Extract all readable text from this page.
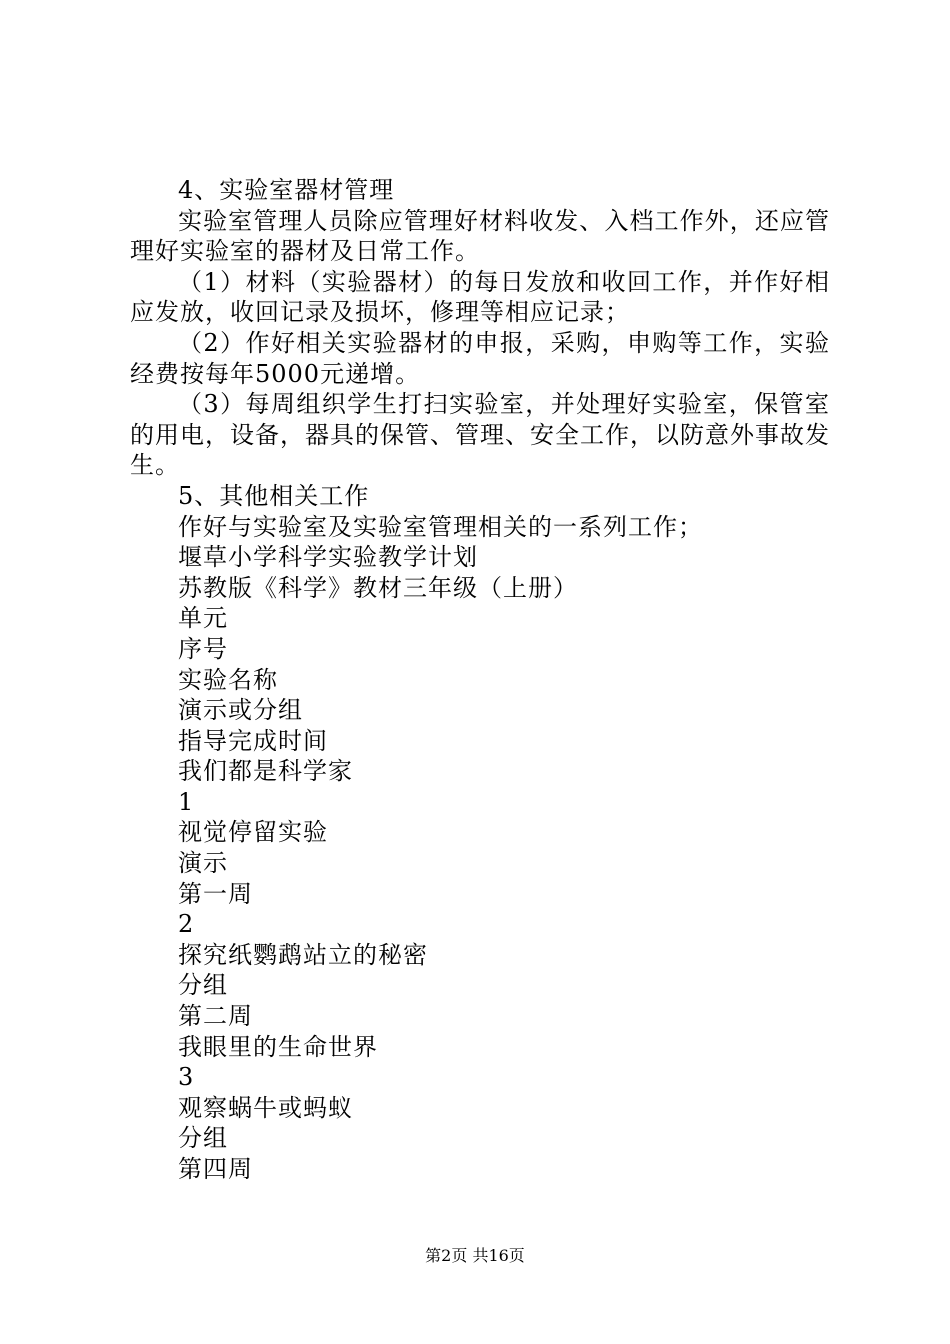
4、实验室器材管理

实验室管理人员除应管理好材料收发、入档工作外，还应管理好实验室的器材及日常工作。

（1）材料（实验器材）的每日发放和收回工作，并作好相应发放，收回记录及损坏，修理等相应记录；

（2）作好相关实验器材的申报，采购，申购等工作，实验经费按每年5000元递增。

（3）每周组织学生打扫实验室，并处理好实验室，保管室的用电，设备，器具的保管、管理、安全工作，以防意外事故发生。

5、其他相关工作

作好与实验室及实验室管理相关的一系列工作；

堰草小学科学实验教学计划

苏教版《科学》教材三年级（上册）

单元

序号

实验名称

演示或分组

指导完成时间

我们都是科学家

1

视觉停留实验

演示

第一周

2

探究纸鹦鹉站立的秘密

分组

第二周

我眼里的生命世界

3

观察蜗牛或蚂蚁

分组

第四周

第2页 共16页
